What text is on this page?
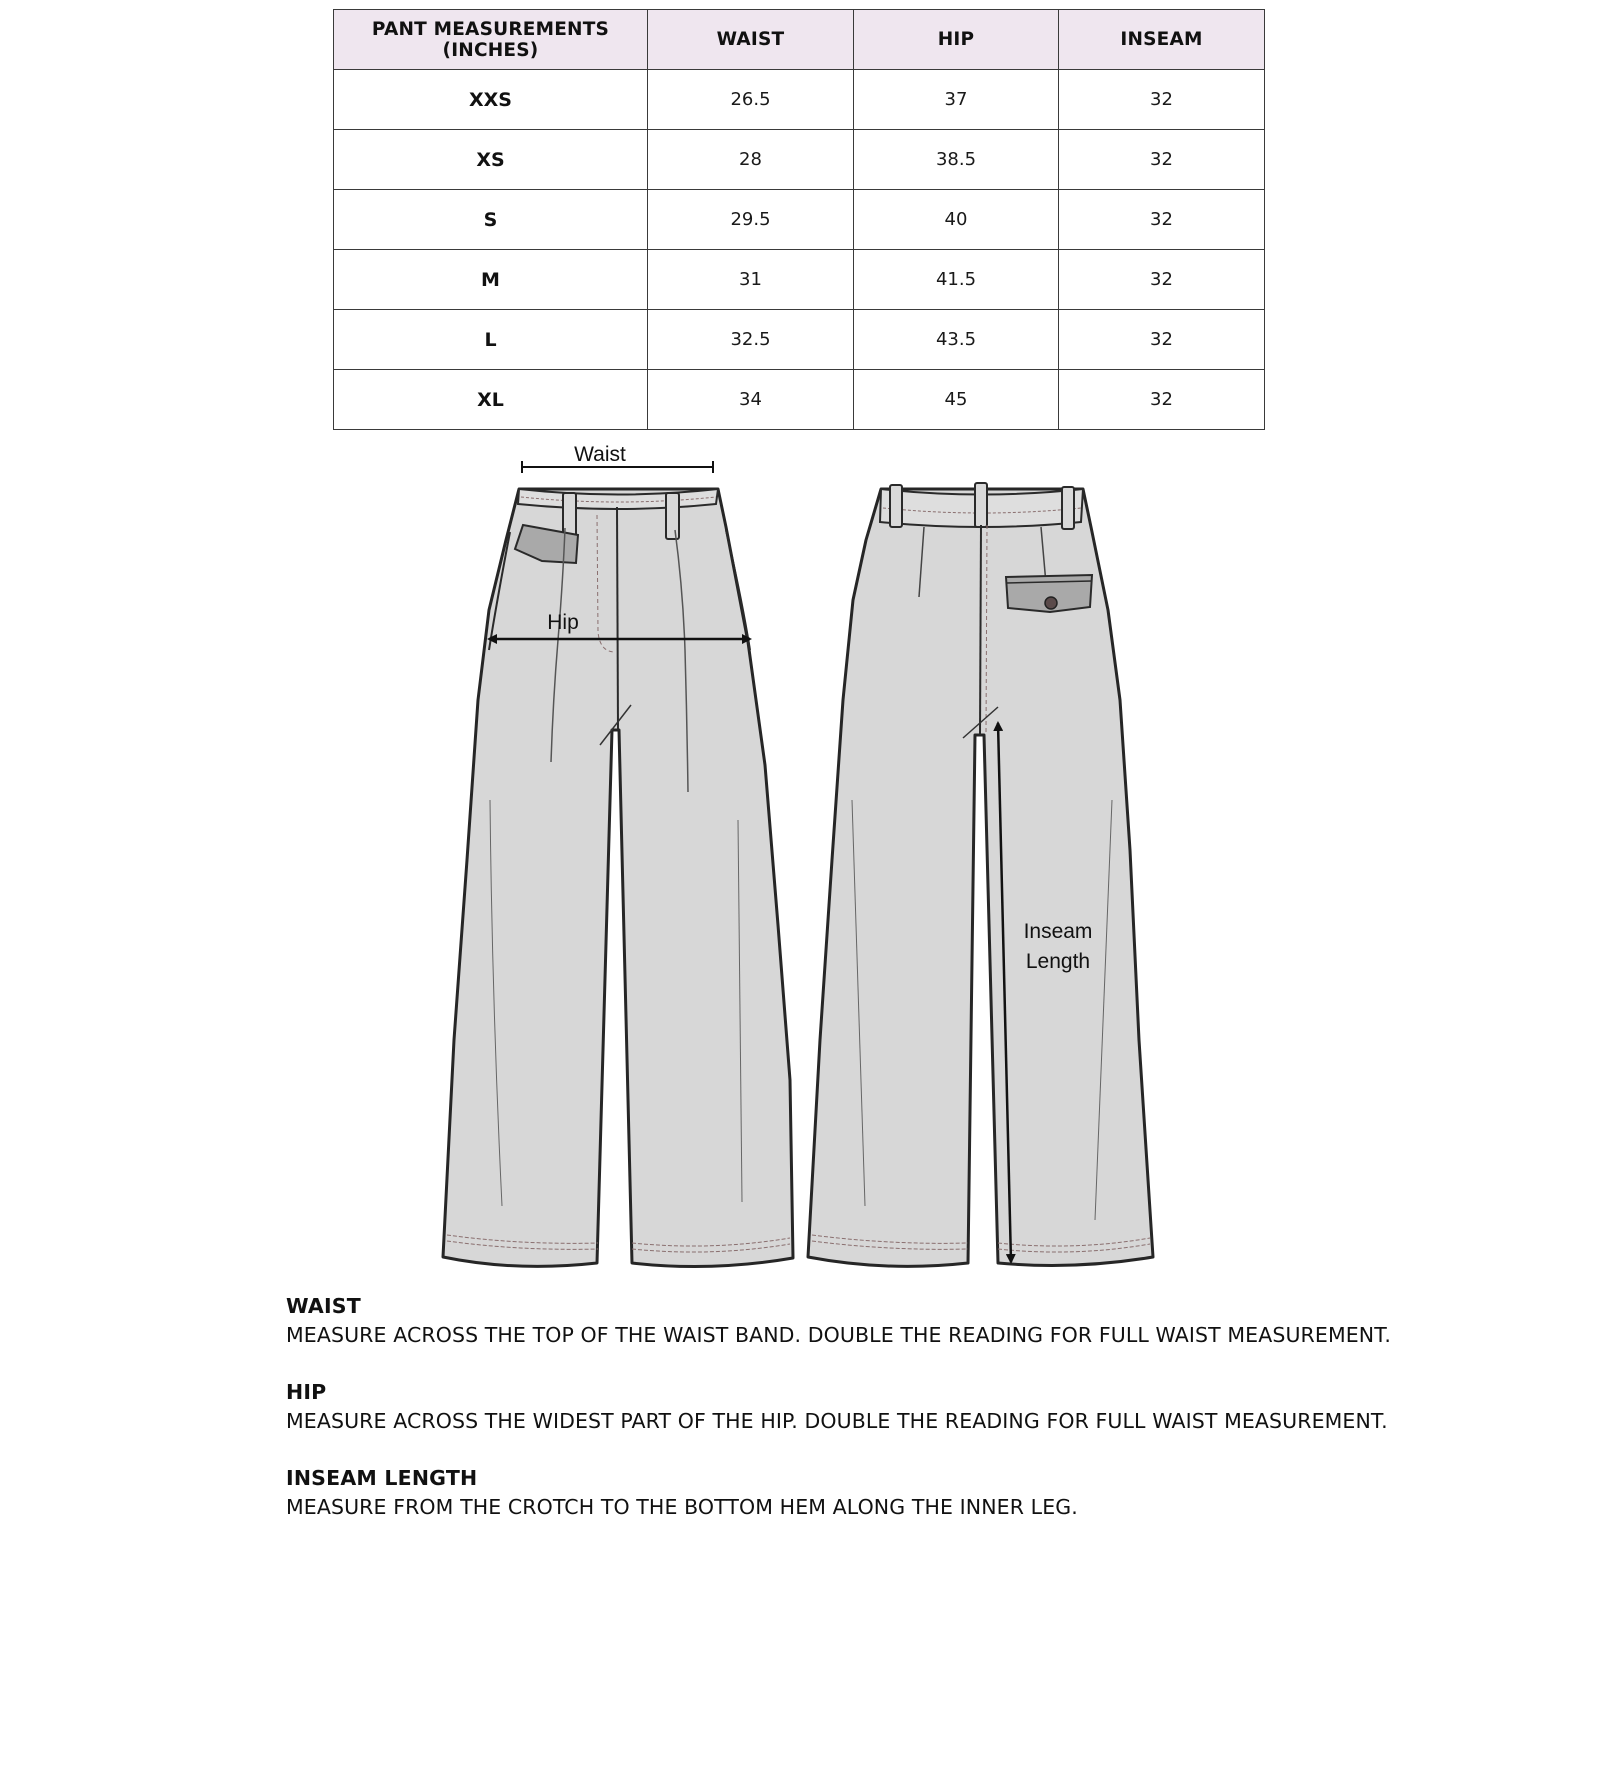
PANT MEASUREMENTS (INCHES)	WAIST	HIP	INSEAM
XXS	26.5	37	32
XS	28	38.5	32
S	29.5	40	32
M	31	41.5	32
L	32.5	43.5	32
XL	34	45	32
Waist
Hip
Inseam
Length
WAIST
MEASURE ACROSS THE TOP OF THE WAIST BAND. DOUBLE THE READING FOR FULL WAIST MEASUREMENT.
HIP
MEASURE ACROSS THE WIDEST PART OF THE HIP. DOUBLE THE READING FOR FULL WAIST MEASUREMENT.
INSEAM LENGTH
MEASURE FROM THE CROTCH TO THE BOTTOM HEM ALONG THE INNER LEG.
